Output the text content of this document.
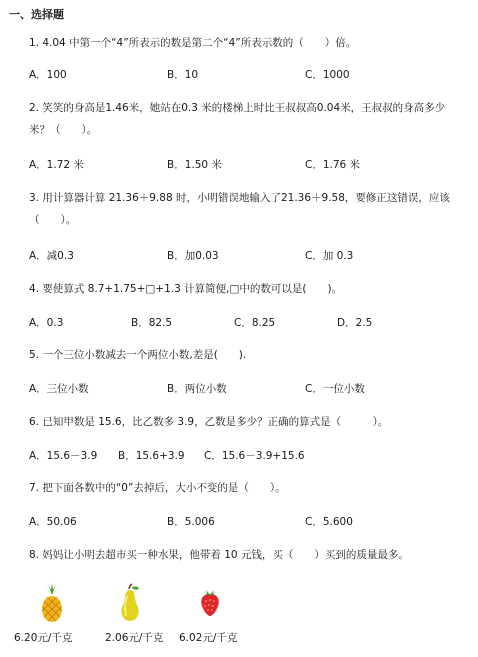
一、选择题
1. 4.04 中第一个“4”所表示的数是第二个“4”所表示数的（　　）倍。
A．100	B．10	C．1000
2. 笑笑的身高是1.46米，她站在0.3 米的楼梯上时比王叔叔高0.04米，王叔叔的身高多少米？（　　）。
A．1.72 米	B．1.50 米	C．1.76 米
3. 用计算器计算 21.36＋9.88 时，小明错误地输入了21.36＋9.58，要修正这错误，应该（　　）。
A．减0.3	B．加0.03	C．加 0.3
4. 要使算式 8.7+1.75+□+1.3 计算简便,□中的数可以是(　　)。
A．0.3	B．82.5	C．8.25	D．2.5
5. 一个三位小数减去一个两位小数,差是(　　).
A．三位小数	B．两位小数	C．一位小数
6. 已知甲数是 15.6，比乙数多 3.9，乙数是多少？正确的算式是（　　　）。
A．15.6－3.9 B．15.6+3.9 C．15.6－3.9+15.6
7. 把下面各数中的“0”去掉后，大小不变的是（　　）。
A．50.06	B．5.006	C．5.600
8. 妈妈让小明去超市买一种水果，他带着 10 元钱，买（　　）买到的质量最多。
6.20元/千克	2.06元/千克 6.02元/千克
